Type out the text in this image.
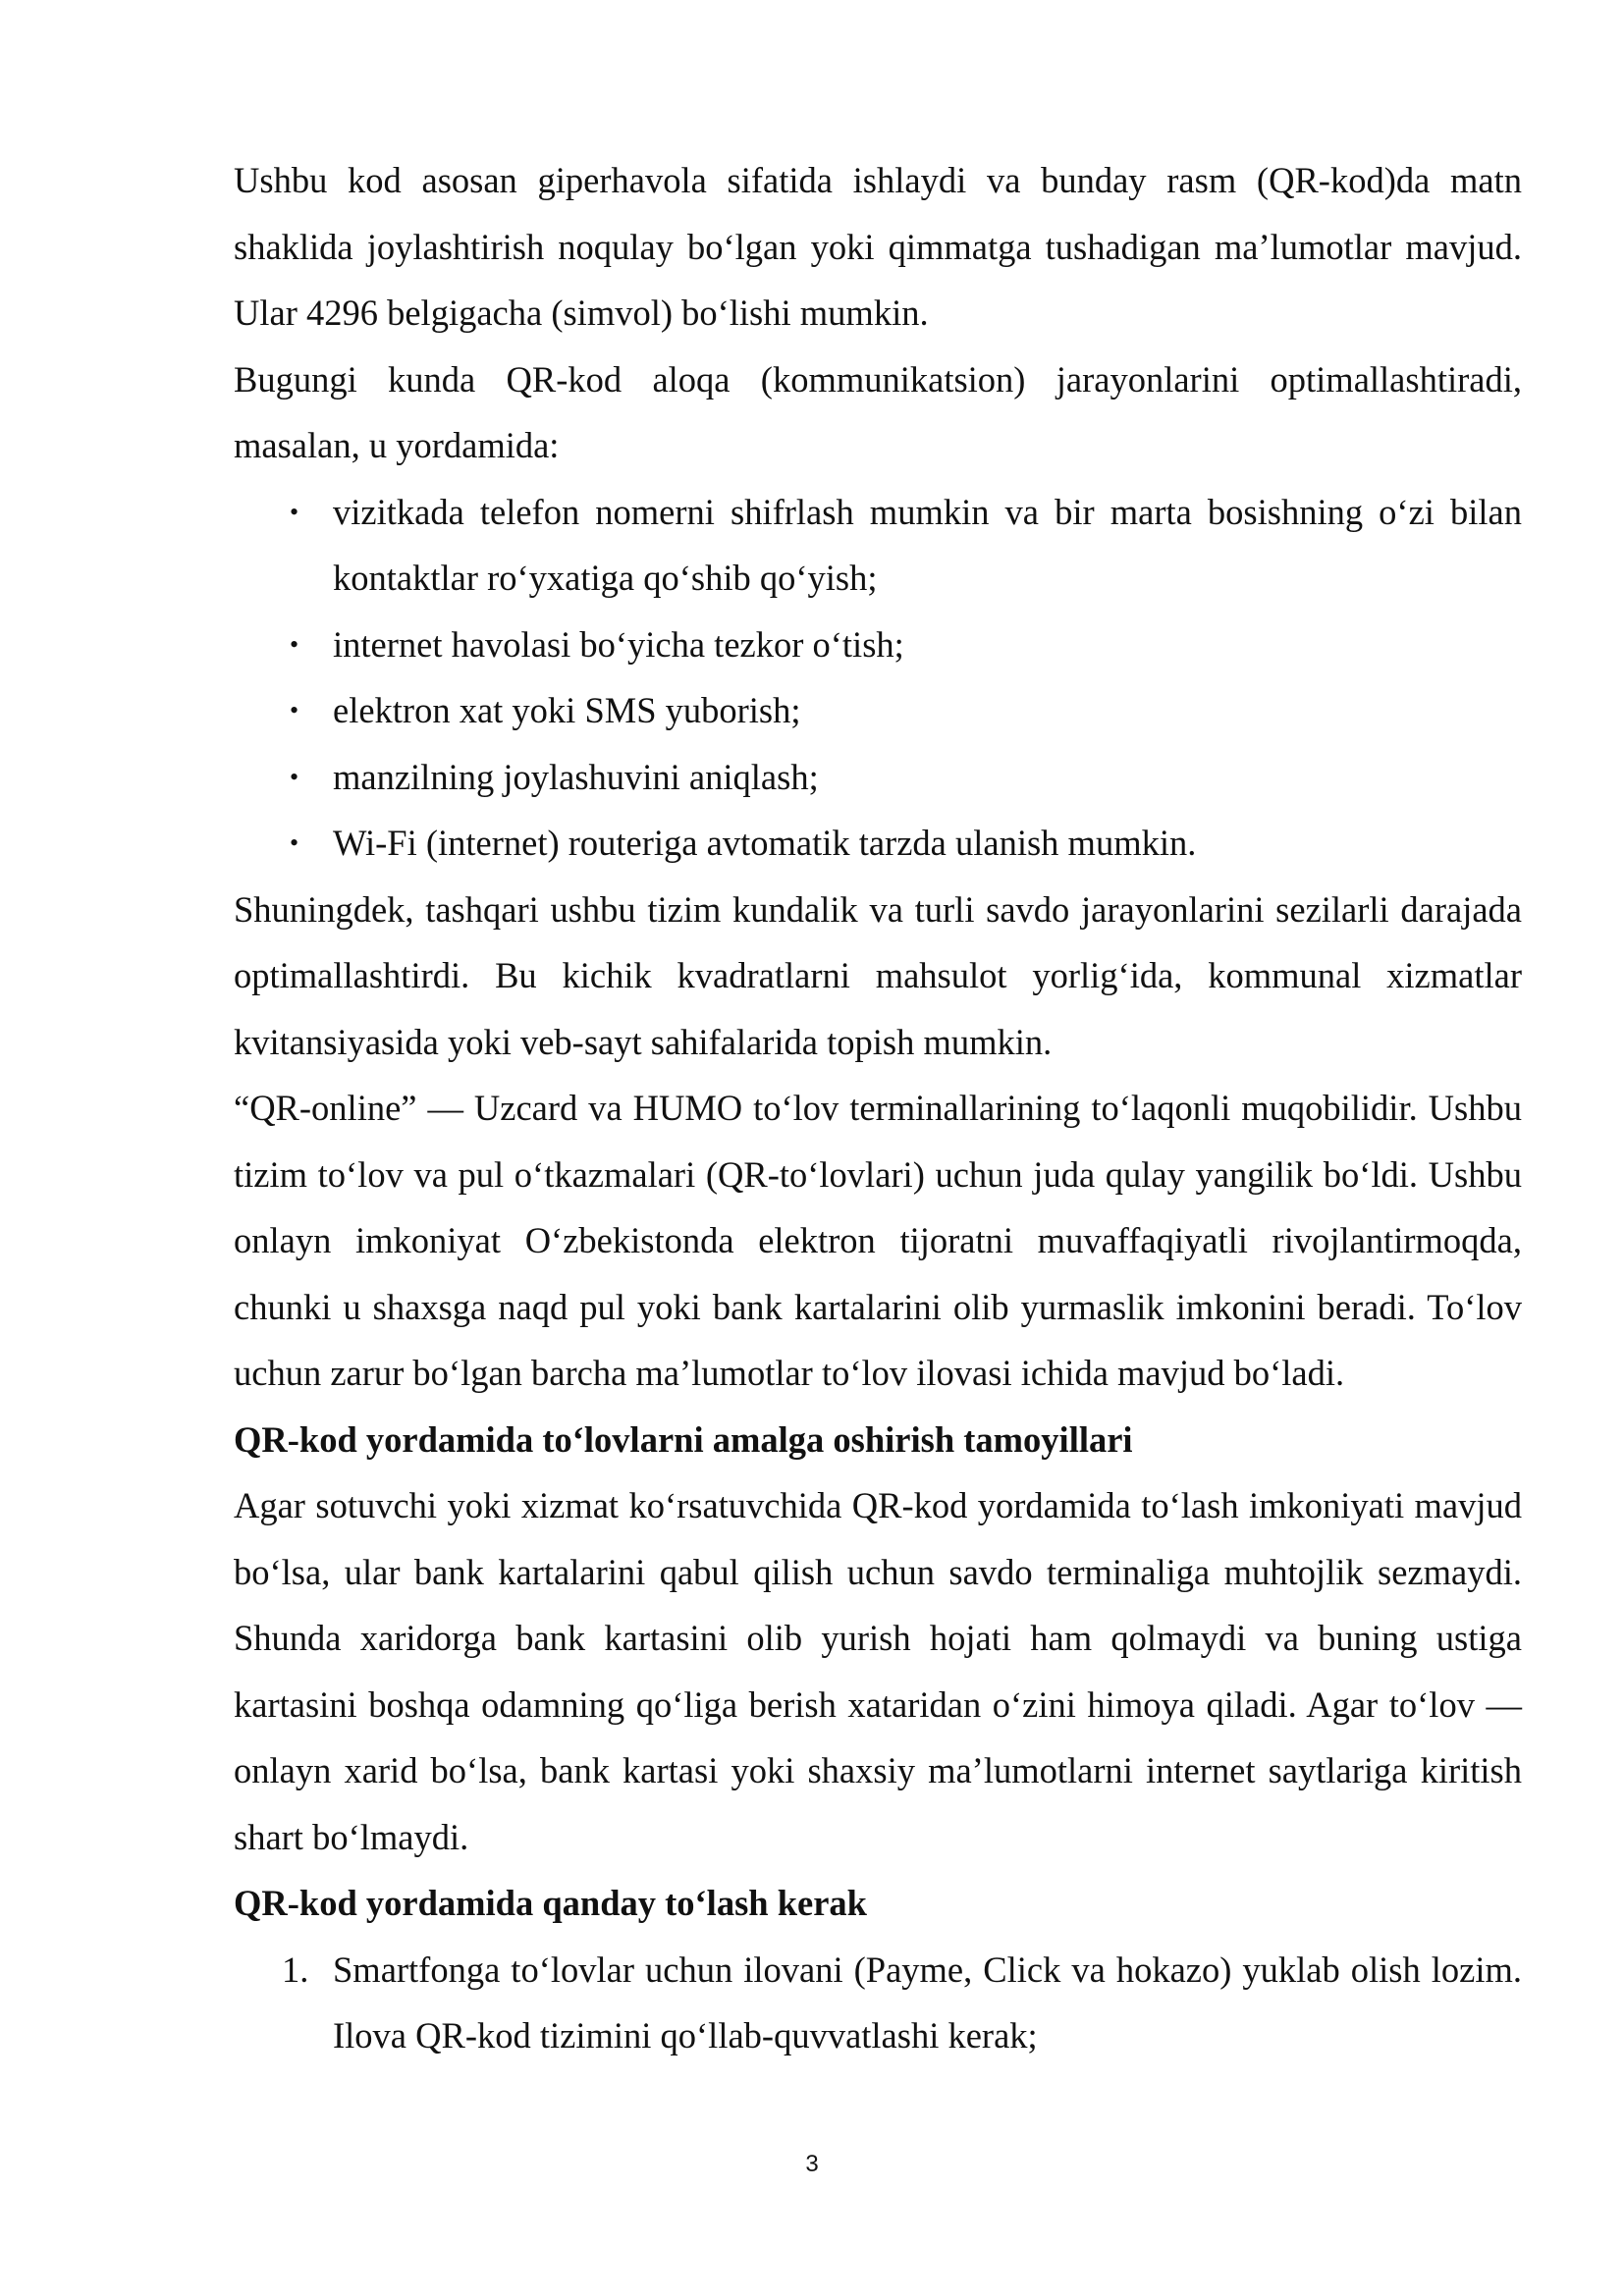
Ushbu kod asosan giperhavola sifatida ishlaydi va bunday rasm (QR-kod)da matn shaklida joylashtirish noqulay bo‘lgan yoki qimmatga tushadigan ma’lumotlar mavjud. Ular 4296 belgigacha (simvol) bo‘lishi mumkin.

Bugungi kunda QR-kod aloqa (kommunikatsion) jarayonlarini optimallashtiradi, masalan, u yordamida:

• vizitkada telefon nomerni shifrlash mumkin va bir marta bosishning o‘zi bilan kontaktlar ro‘yxatiga qo‘shib qo‘yish;
• internet havolasi bo‘yicha tezkor o‘tish;
• elektron xat yoki SMS yuborish;
• manzilning joylashuvini aniqlash;
• Wi-Fi (internet) routeriga avtomatik tarzda ulanish mumkin.

Shuningdek, tashqari ushbu tizim kundalik va turli savdo jarayonlarini sezilarli darajada optimallashtirdi. Bu kichik kvadratlarni mahsulot yorlig‘ida, kommunal xizmatlar kvitansiyasida yoki veb-sayt sahifalarida topish mumkin.

“QR-online” — Uzcard va HUMO to‘lov terminallarining to‘laqonli muqobilidir. Ushbu tizim to‘lov va pul o‘tkazmalari (QR-to‘lovlari) uchun juda qulay yangilik bo‘ldi. Ushbu onlayn imkoniyat O‘zbekistonda elektron tijoratni muvaffaqiyatli rivojlantirmoqda, chunki u shaxsga naqd pul yoki bank kartalarini olib yurmaslik imkonini beradi. To‘lov uchun zarur bo‘lgan barcha ma’lumotlar to‘lov ilovasi ichida mavjud bo‘ladi.

QR-kod yordamida to‘lovlarni amalga oshirish tamoyillari

Agar sotuvchi yoki xizmat ko‘rsatuvchida QR-kod yordamida to‘lash imkoniyati mavjud bo‘lsa, ular bank kartalarini qabul qilish uchun savdo terminaliga muhtojlik sezmaydi. Shunda xaridorga bank kartasini olib yurish hojati ham qolmaydi va buning ustiga kartasini boshqa odamning qo‘liga berish xataridan o‘zini himoya qiladi. Agar to‘lov — onlayn xarid bo‘lsa, bank kartasi yoki shaxsiy ma’lumotlarni internet saytlariga kiritish shart bo‘lmaydi.

QR-kod yordamida qanday to‘lash kerak
1. Smartfonga to‘lovlar uchun ilovani (Payme, Click va hokazo) yuklab olish lozim. Ilova QR-kod tizimini qo‘llab-quvvatlashi kerak;
3
